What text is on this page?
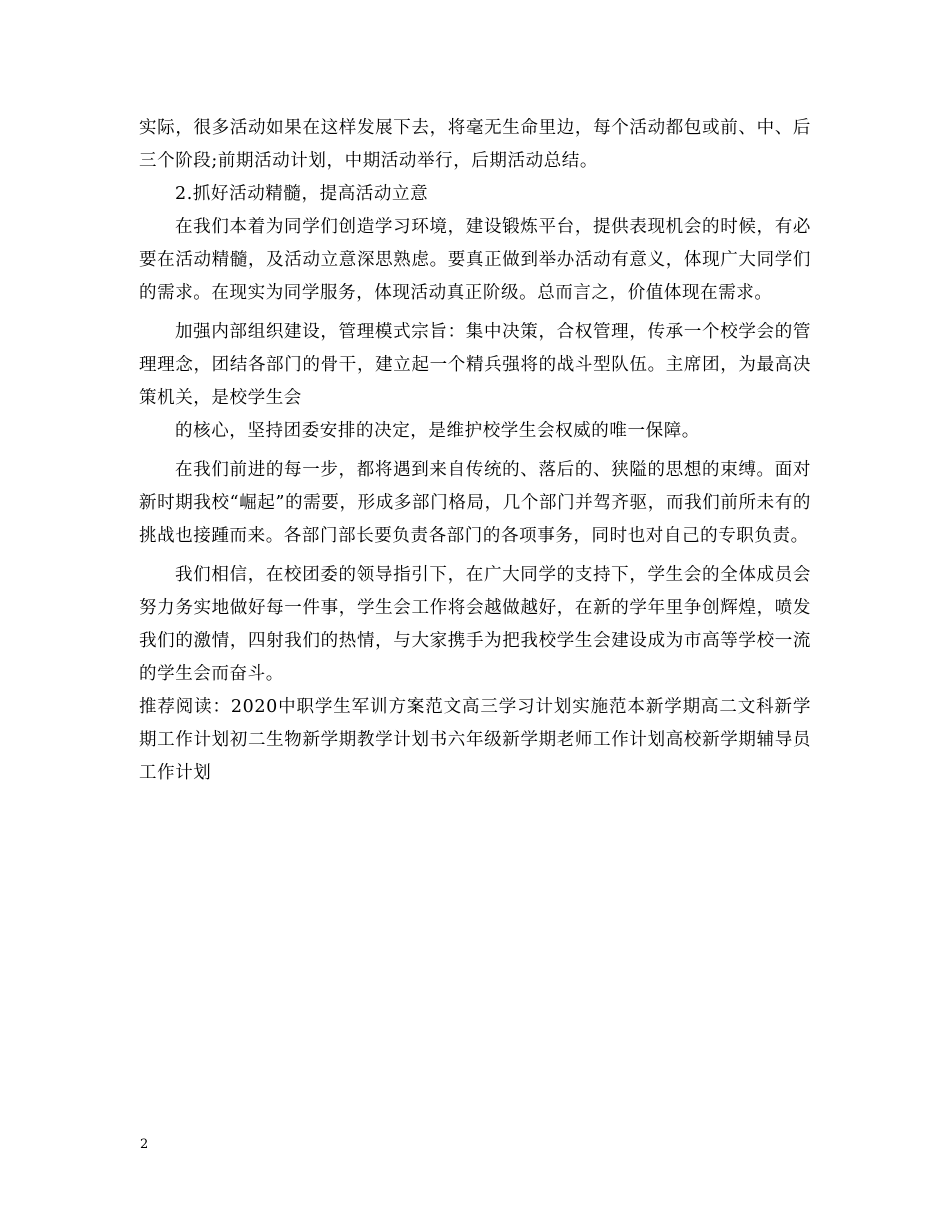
实际，很多活动如果在这样发展下去，将毫无生命里边，每个活动都包或前、中、后三个阶段;前期活动计划，中期活动举行，后期活动总结。

2.抓好活动精髓，提高活动立意

在我们本着为同学们创造学习环境，建设锻炼平台，提供表现机会的时候，有必要在活动精髓，及活动立意深思熟虑。要真正做到举办活动有意义，体现广大同学们的需求。在现实为同学服务，体现活动真正阶级。总而言之，价值体现在需求。

加强内部组织建设，管理模式宗旨：集中决策，合权管理，传承一个校学会的管理理念，团结各部门的骨干，建立起一个精兵强将的战斗型队伍。主席团，为最高决策机关，是校学生会

的核心，坚持团委安排的决定，是维护校学生会权威的唯一保障。

在我们前进的每一步，都将遇到来自传统的、落后的、狭隘的思想的束缚。面对新时期我校“崛起”的需要，形成多部门格局，几个部门并驾齐驱，而我们前所未有的挑战也接踵而来。各部门部长要负责各部门的各项事务，同时也对自己的专职负责。

我们相信，在校团委的领导指引下，在广大同学的支持下，学生会的全体成员会努力务实地做好每一件事，学生会工作将会越做越好，在新的学年里争创辉煌，喷发我们的激情，四射我们的热情，与大家携手为把我校学生会建设成为市高等学校一流的学生会而奋斗。

推荐阅读：2020中职学生军训方案范文高三学习计划实施范本新学期高二文科新学期工作计划初二生物新学期教学计划书六年级新学期老师工作计划高校新学期辅导员工作计划

2
